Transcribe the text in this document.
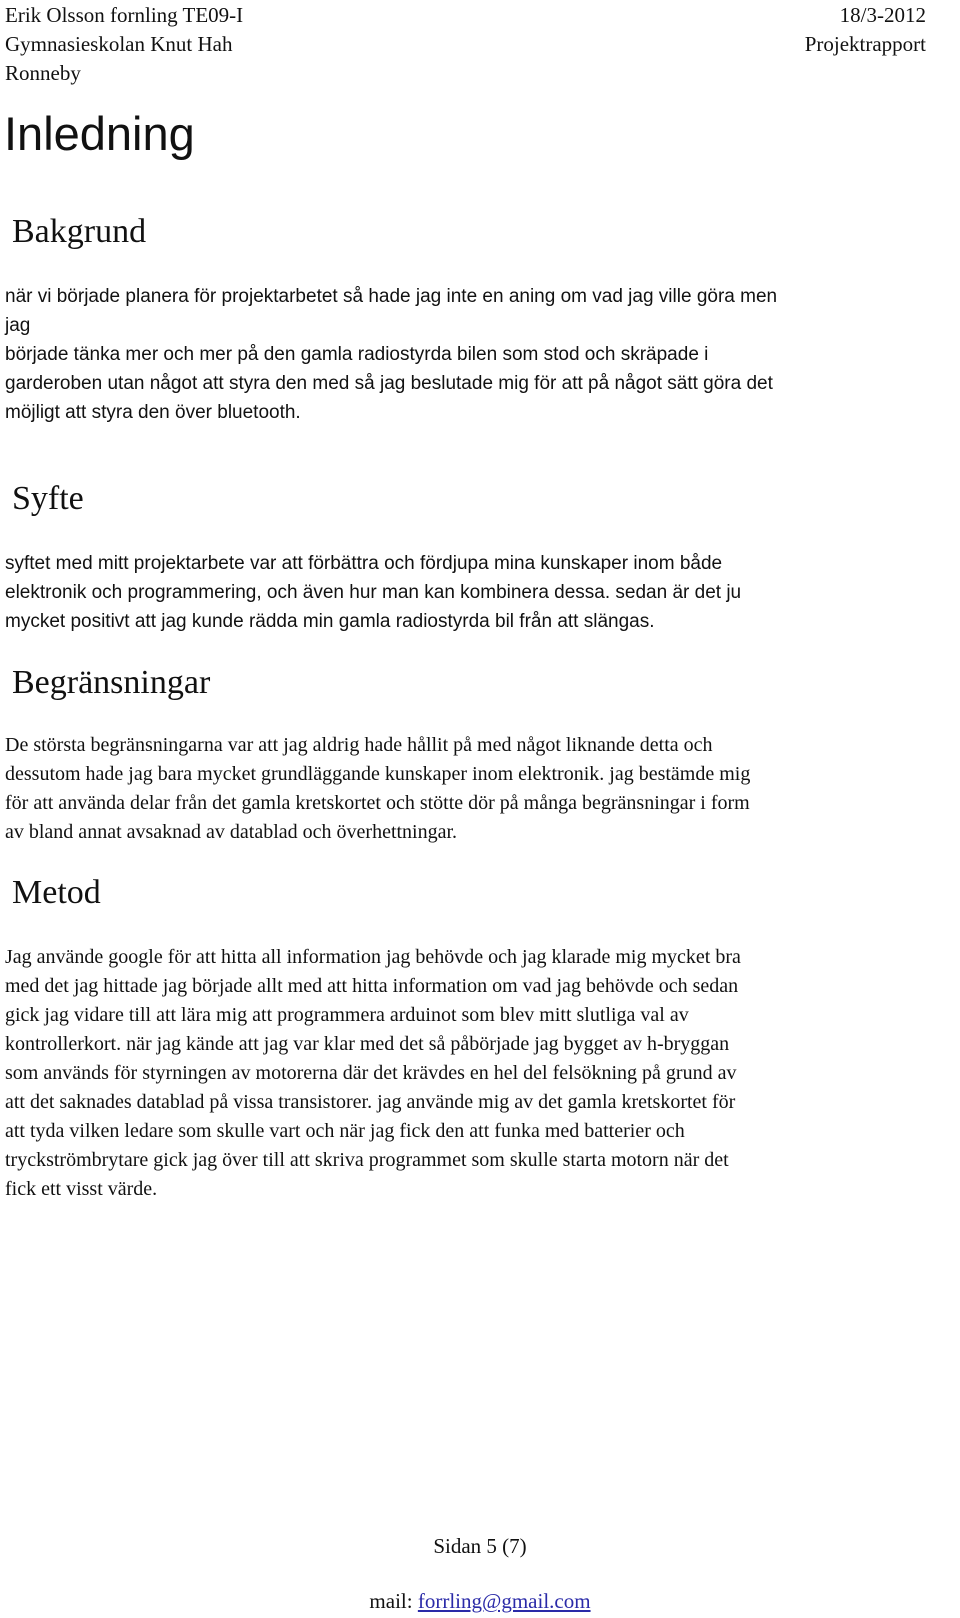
Erik Olsson fornling TE09-I
Gymnasieskolan Knut Hah
Ronneby
18/3-2012
Projektrapport
Inledning
Bakgrund
när vi började planera för projektarbetet så hade jag inte en aning om vad jag ville göra men
jag
började tänka mer och mer på den gamla radiostyrda bilen som stod och skräpade i
garderoben utan något att styra den med så jag beslutade mig för att på något sätt göra det
möjligt att styra den över bluetooth.
Syfte
syftet med mitt projektarbete var att förbättra och fördjupa mina kunskaper inom både
elektronik och programmering, och även hur man kan kombinera dessa. sedan är det ju
mycket positivt att jag kunde rädda min gamla radiostyrda bil från att slängas.
Begränsningar
De största begränsningarna var att jag aldrig hade hållit på med något liknande detta och
dessutom hade jag bara mycket grundläggande kunskaper inom elektronik. jag bestämde mig
för att använda delar från det gamla kretskortet och stötte dör på många begränsningar i form
av bland annat avsaknad av datablad och överhettningar.
Metod
Jag använde google för att hitta all information jag behövde och jag klarade mig mycket bra
med det jag hittade jag började allt med att hitta information om vad jag behövde och sedan
gick jag vidare till att lära mig att programmera arduinot som blev mitt slutliga val av
kontrollerkort. när jag kände att jag var klar med det så påbörjade jag bygget av h-bryggan
som används för styrningen av motorerna där det krävdes en hel del felsökning på grund av
att det saknades datablad på vissa transistorer. jag använde mig av det gamla kretskortet för
att tyda vilken ledare som skulle vart och när jag fick den att funka med batterier och
tryckströmbrytare gick jag över till att skriva programmet som skulle starta motorn när det
fick ett visst värde.
Sidan 5 (7)
mail: forrling@gmail.com
